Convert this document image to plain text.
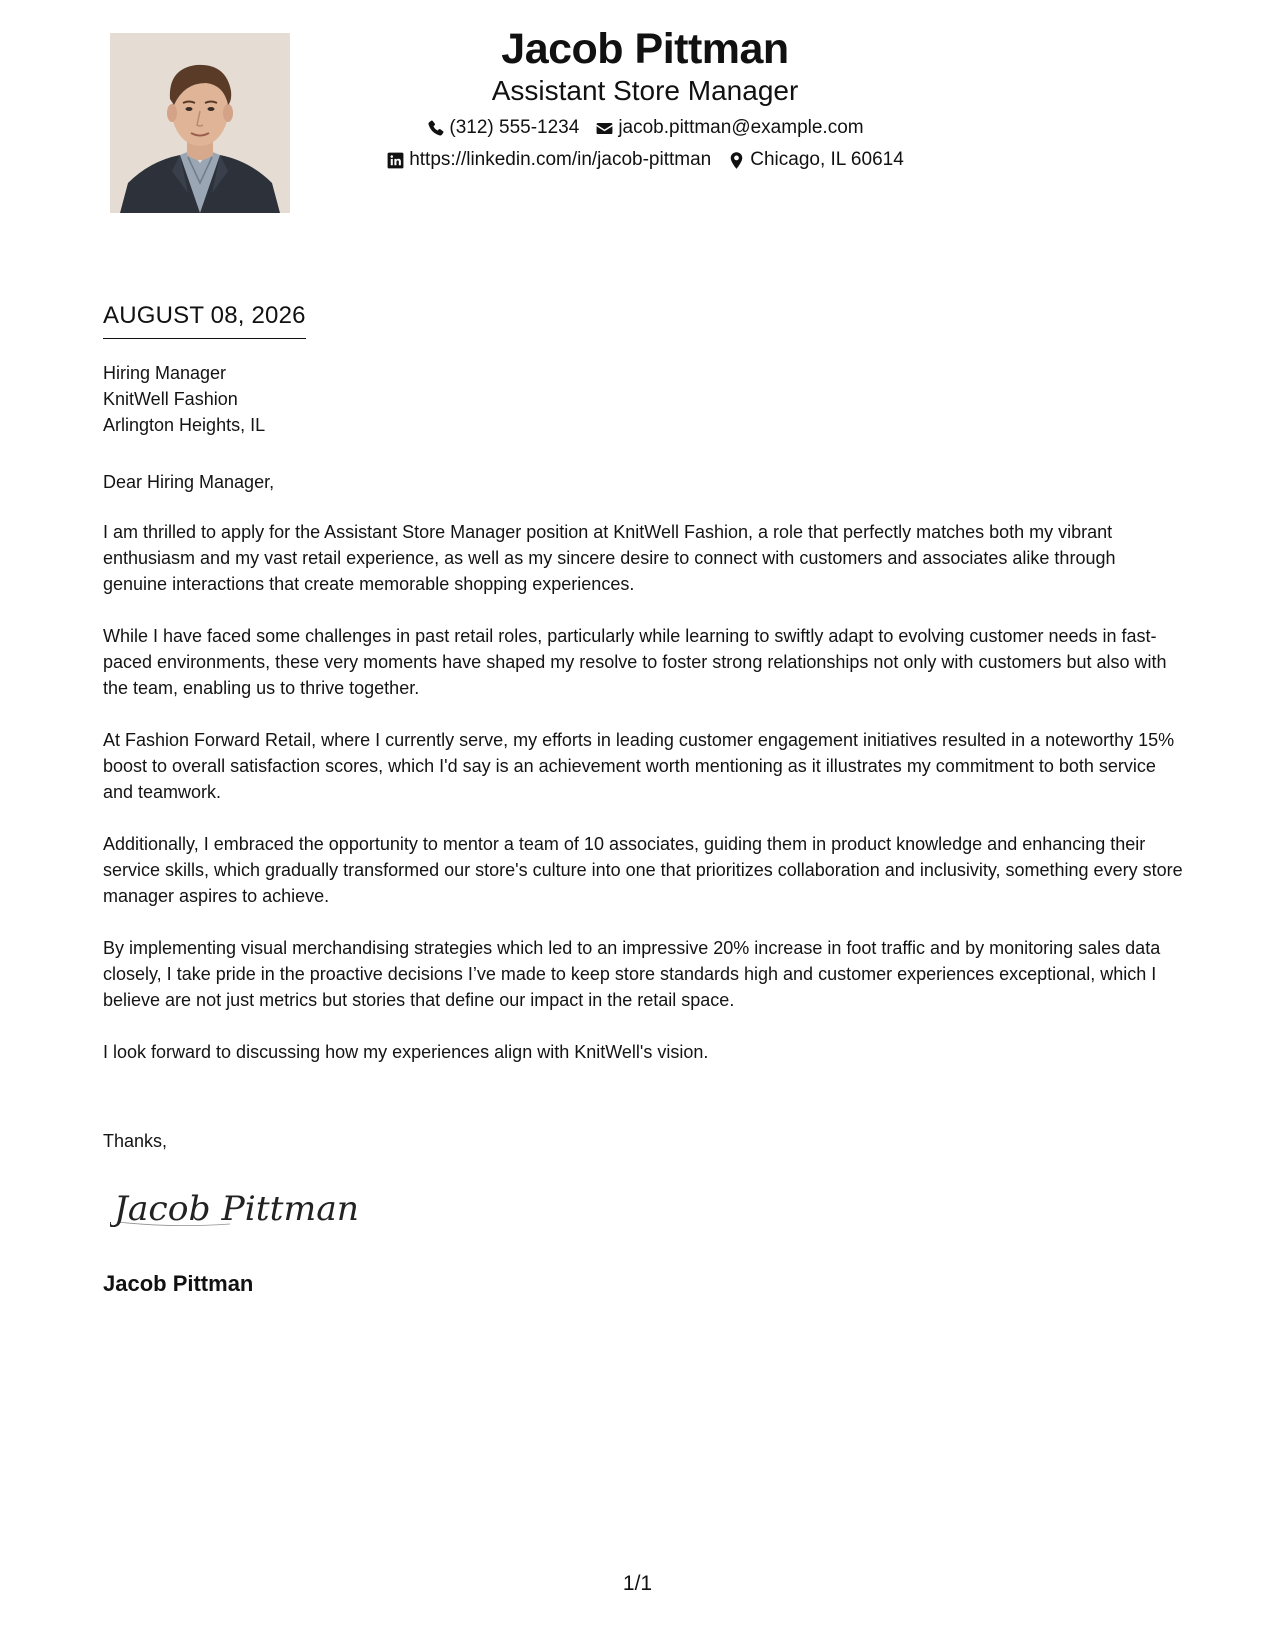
Jacob Pittman
Assistant Store Manager
(312) 555-1234 jacob.pittman@example.com
https://linkedin.com/in/jacob-pittman Chicago, IL 60614
AUGUST 08, 2026
Hiring Manager
KnitWell Fashion
Arlington Heights, IL
Dear Hiring Manager,

I am thrilled to apply for the Assistant Store Manager position at KnitWell Fashion, a role that perfectly matches both my vibrant enthusiasm and my vast retail experience, as well as my sincere desire to connect with customers and associates alike through genuine interactions that create memorable shopping experiences.

While I have faced some challenges in past retail roles, particularly while learning to swiftly adapt to evolving customer needs in fast-paced environments, these very moments have shaped my resolve to foster strong relationships not only with customers but also with the team, enabling us to thrive together.

At Fashion Forward Retail, where I currently serve, my efforts in leading customer engagement initiatives resulted in a noteworthy 15% boost to overall satisfaction scores, which I'd say is an achievement worth mentioning as it illustrates my commitment to both service and teamwork.

Additionally, I embraced the opportunity to mentor a team of 10 associates, guiding them in product knowledge and enhancing their service skills, which gradually transformed our store's culture into one that prioritizes collaboration and inclusivity, something every store manager aspires to achieve.

By implementing visual merchandising strategies which led to an impressive 20% increase in foot traffic and by monitoring sales data closely, I take pride in the proactive decisions I’ve made to keep store standards high and customer experiences exceptional, which I believe are not just metrics but stories that define our impact in the retail space.

I look forward to discussing how my experiences align with KnitWell's vision.

Thanks,
Jacob Pittman
Jacob Pittman
1/1
